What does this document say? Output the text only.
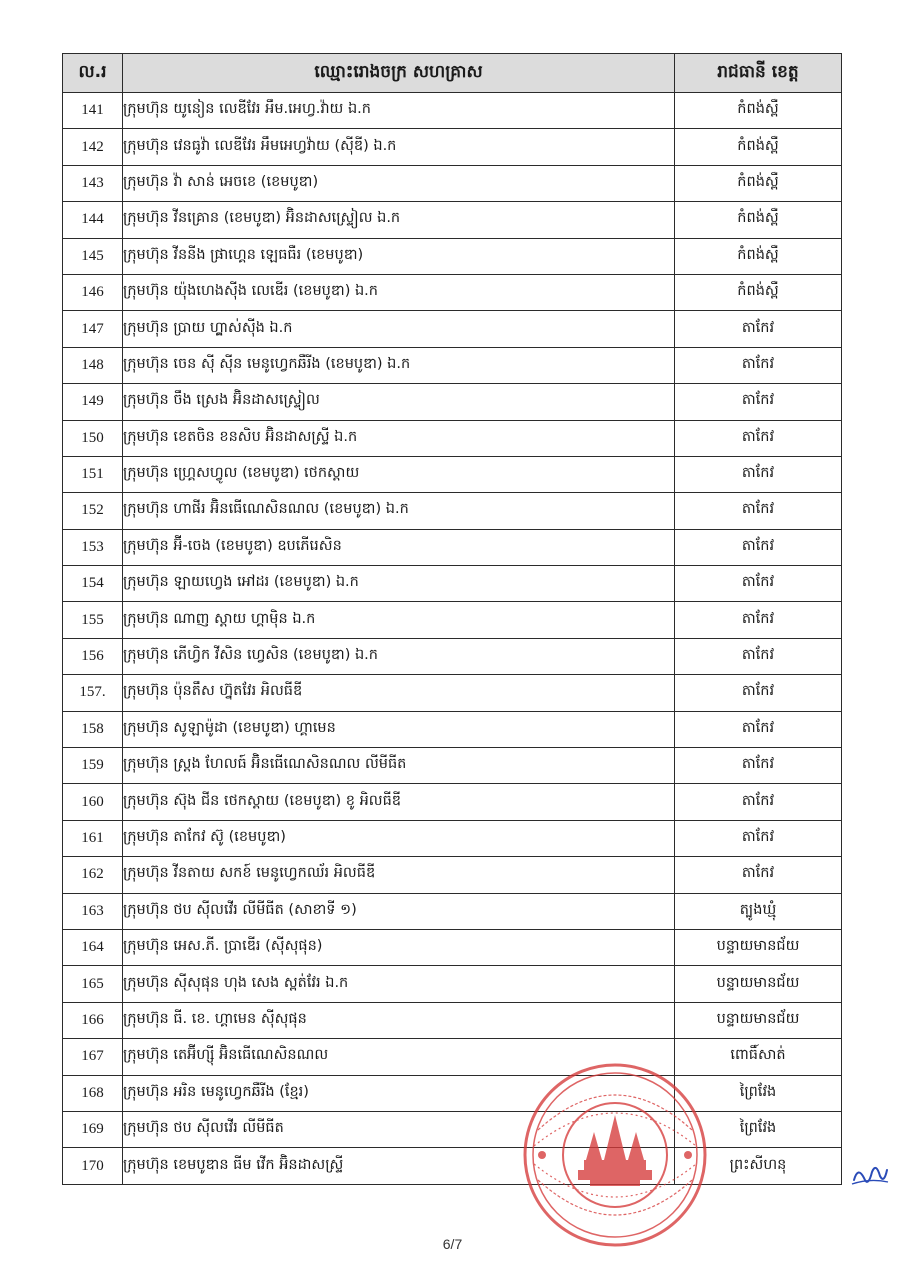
ល.រ	ឈ្មោះរោងចក្រ សហគ្រាស	រាជធានី ខេត្ត
141	ក្រុមហ៊ុន យូនៀន លេឌីវែរ អឹម.អេហ្វ.វ៉ាយ ឯ.ក	កំពង់ស្ពឺ
142	ក្រុមហ៊ុន វេនធូវ៉ា លេឌីវែរ អឹមអេហ្វវ៉ាយ (ស៊ីឌី) ឯ.ក	កំពង់ស្ពឺ
143	ក្រុមហ៊ុន វ៉ា សាន់ អេចខេ (ខេមបូឌា)	កំពង់ស្ពឺ
144	ក្រុមហ៊ុន វីនគ្រោន (ខេមបូឌា) អ៊ិនដាសស្ទ្រៀល ឯ.ក	កំពង់ស្ពឺ
145	ក្រុមហ៊ុន វីននីង ផ្រាហ្គេន ឡេធធឺរ (ខេមបូឌា)	កំពង់ស្ពឺ
146	ក្រុមហ៊ុន យ៉ុងហេងស៊ីង លេឌើរ (ខេមបូឌា) ឯ.ក	កំពង់ស្ពឺ
147	ក្រុមហ៊ុន ប្រាយ ហ្គ្លាស់ស៊ីង ឯ.ក	តាកែវ
148	ក្រុមហ៊ុន ចេន ស៊ី ស៊ីន មេនូហ្វេកឆឺរីង (ខេមបូឌា) ឯ.ក	តាកែវ
149	ក្រុមហ៊ុន ចឹង ស្រេង អ៊ិនដាសស្ទ្រៀល	តាកែវ
150	ក្រុមហ៊ុន ខេតចិន ខនសិប អ៊ិនដាសស្ទ្រី ឯ.ក	តាកែវ
151	ក្រុមហ៊ុន ហ្គ្រេសហ្វូល (ខេមបូឌា) ថេកស្តាយ	តាកែវ
152	ក្រុមហ៊ុន ហាផីរ អ៊ិនធើណេសិនណល (ខេមបូឌា) ឯ.ក	តាកែវ
153	ក្រុមហ៊ុន អ៊ី-ចេង (ខេមបូឌា) ឧបភើរេសិន	តាកែវ
154	ក្រុមហ៊ុន ឡាយហ្វេង អៅដរ (ខេមបូឌា) ឯ.ក	តាកែវ
155	ក្រុមហ៊ុន ណាញ ស្តាយ ហ្គាម៉ិន ឯ.ក	តាកែវ
156	ក្រុមហ៊ុន ភើហ្វិក វីសិន ហ្វេសិន (ខេមបូឌា) ឯ.ក	តាកែវ
157.	ក្រុមហ៊ុន ប៉ុនតឹស ហ្វ៊ុតវែរ អិលធីឌី	តាកែវ
158	ក្រុមហ៊ុន សូឡាម៉ូដា (ខេមបូឌា) ហ្គាមេន	តាកែវ
159	ក្រុមហ៊ុន ស្ត្រង ហែលធ៍ អ៊ិនធើណេសិនណល លីមីធីត	តាកែវ
160	ក្រុមហ៊ុន ស៊ុង ជីន ថេកស្តាយ (ខេមបូឌា) ខូ អិលធីឌី	តាកែវ
161	ក្រុមហ៊ុន តាកែវ ស៊ូ (ខេមបូឌា)	តាកែវ
162	ក្រុមហ៊ុន វីនតាយ សកខ៍ មេនូហ្វេកឈ័រ អិលធីឌី	តាកែវ
163	ក្រុមហ៊ុន ថប ស៊ីលវើរ លីមីធីត (សាខាទី ១)	ត្បូងឃ្មុំ
164	ក្រុមហ៊ុន អេស.ភី. ប្រាឌើរ (ស៊ីសុផុន)	បន្ទាយមានជ័យ
165	ក្រុមហ៊ុន ស៊ីសុផុន ហុង សេង ស្ពត់វែរ ឯ.ក	បន្ទាយមានជ័យ
166	ក្រុមហ៊ុន ធី. ខេ. ហ្គាមេន ស៊ីសុផុន	បន្ទាយមានជ័យ
167	ក្រុមហ៊ុន តេអ៊ីហ្ស៊ី អ៊ិនធើណេសិនណល	ពោធិ៍សាត់
168	ក្រុមហ៊ុន អរិន មេនូហ្វេកឆឺរីង (ខ្មែរ)	ព្រៃវែង
169	ក្រុមហ៊ុន ថប ស៊ីលវើរ លីមីធីត	ព្រៃវែង
170	ក្រុមហ៊ុន ខេមបូឌាន ធីម វើក អ៊ិនដាសស្ទ្រី	ព្រះសីហនុ
6/7
